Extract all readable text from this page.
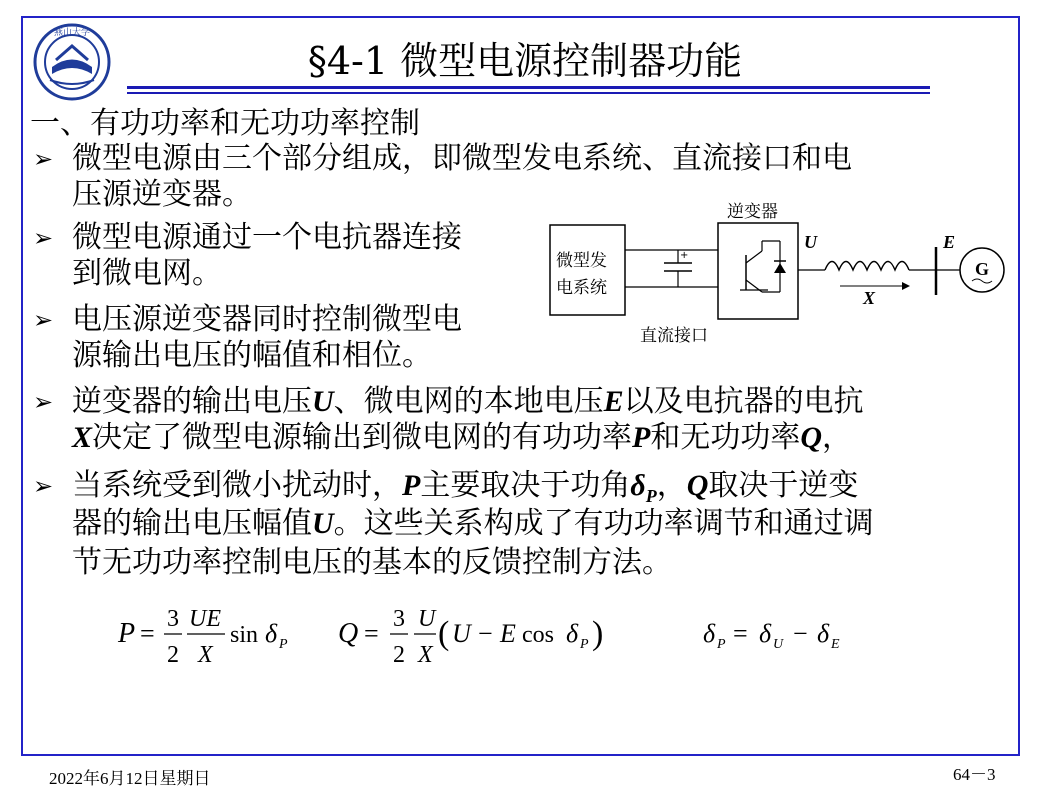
燕山大学
§4-1 微型电源控制器功能
一、有功功率和无功功率控制
➢ 微型电源由三个部分组成，即微型发电系统、直流接口和电
压源逆变器。
➢ 微型电源通过一个电抗器连接
到微电网。
➢ 电压源逆变器同时控制微型电
源输出电压的幅值和相位。
➢ 逆变器的输出电压U、微电网的本地电压E以及电抗器的电抗
X决定了微型电源输出到微电网的有功功率P和无功功率Q，
➢ 当系统受到微小扰动时，P主要取决于功角$\delta_P$，Q取决于逆变
器的输出电压幅值U。这些关系构成了有功功率调节和通过调
节无功功率控制电压的基本的反馈控制方法。
逆变器
微型发
电系统
直流接口
+
U	E
X
G
P = 3
2
UE
X
sin δ P Q = 3
2
U
X
( U − E cos δ P )	δ P = δ U − δ E
2022年6月12日星期日	64－3
